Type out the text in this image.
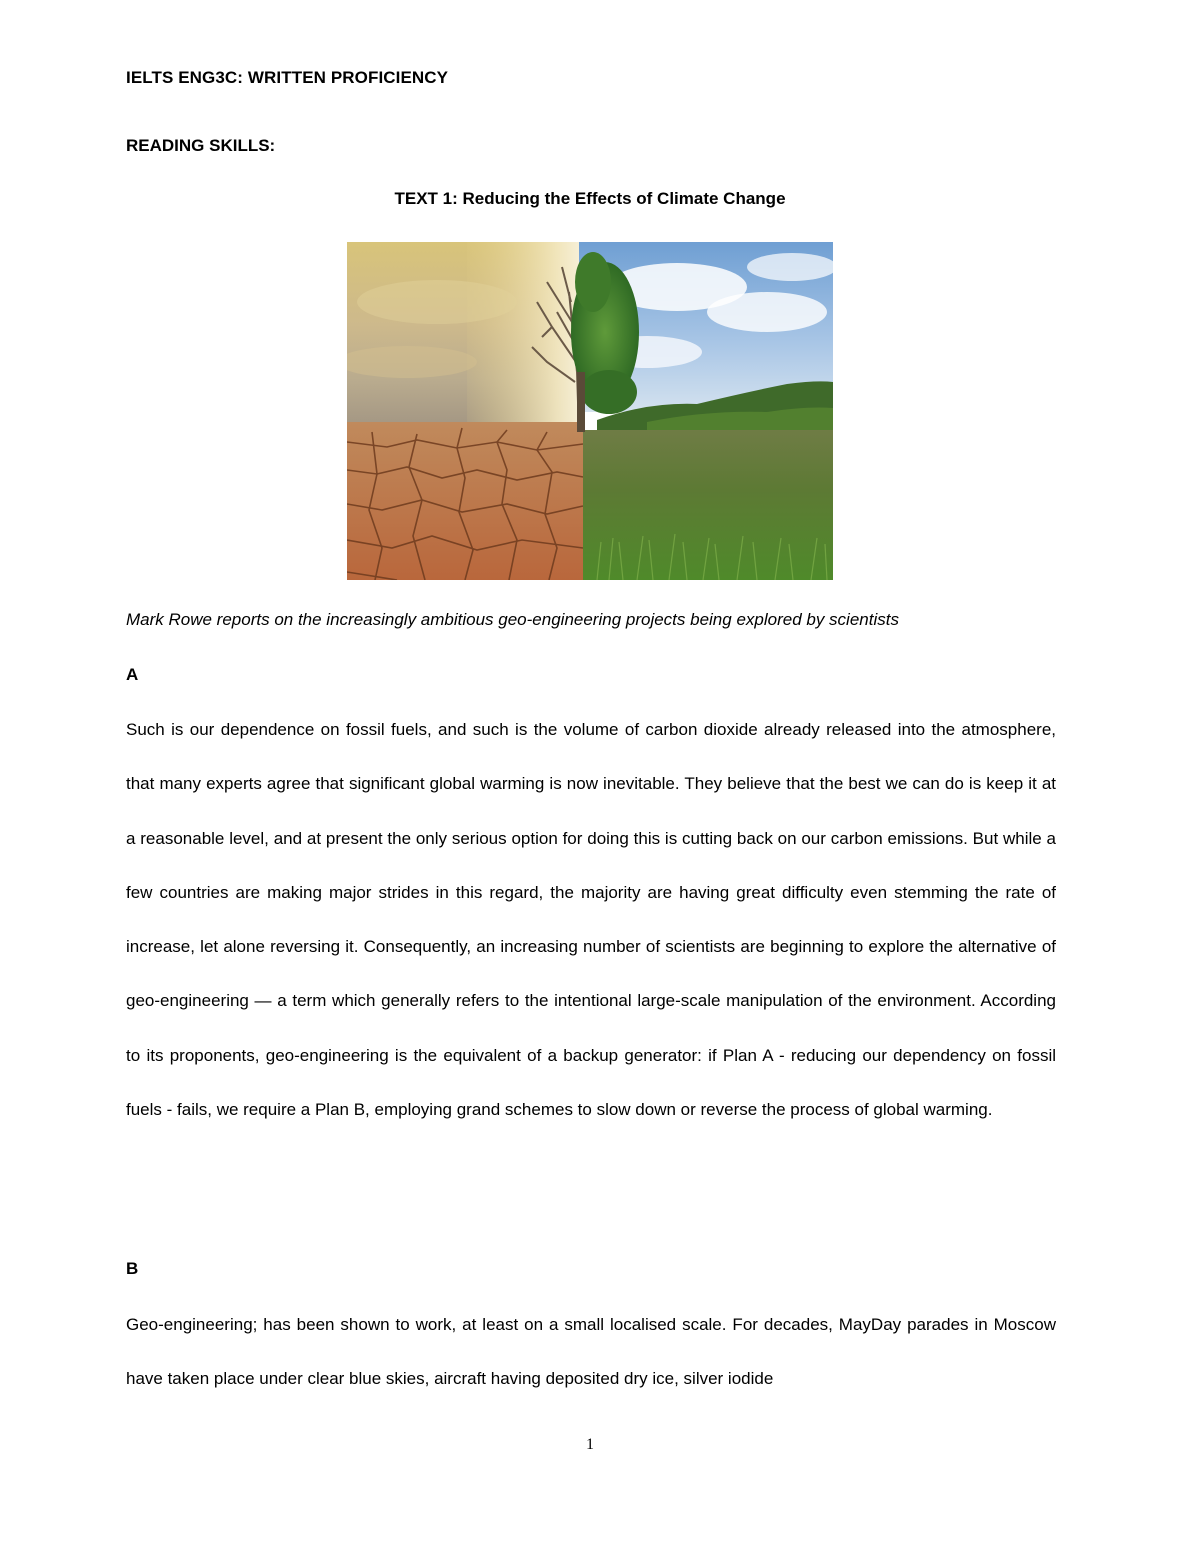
IELTS ENG3C: WRITTEN PROFICIENCY
READING SKILLS:
TEXT 1: Reducing the Effects of Climate Change
Mark Rowe reports on the increasingly ambitious geo-engineering projects being explored by scientists
A

Such is our dependence on fossil fuels, and such is the volume of carbon dioxide already released into the atmosphere, that many experts agree that significant global warming is now inevitable. They believe that the best we can do is keep it at a reasonable level, and at present the only serious option for doing this is cutting back on our carbon emissions. But while a few countries are making major strides in this regard, the majority are having great difficulty even stemming the rate of increase, let alone reversing it. Consequently, an increasing number of scientists are beginning to explore the alternative of geo-engineering — a term which generally refers to the intentional large-scale manipulation of the environment. According to its proponents, geo-engineering is the equivalent of a backup generator: if Plan A - reducing our dependency on fossil fuels - fails, we require a Plan B, employing grand schemes to slow down or reverse the process of global warming.

B

Geo-engineering; has been shown to work, at least on a small localised scale. For decades, MayDay parades in Moscow have taken place under clear blue skies, aircraft having deposited dry ice, silver iodide

1
